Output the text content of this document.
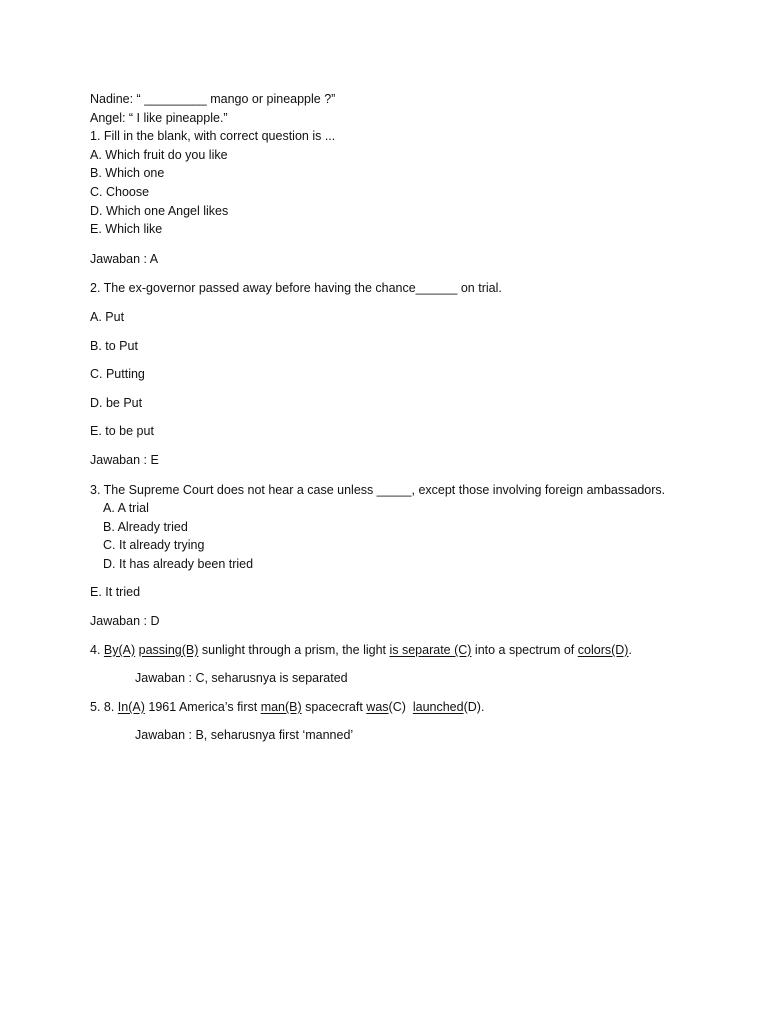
Nadine: “ _________ mango or pineapple ?”

Angel: “ I like pineapple.”

1. Fill in the blank, with correct question is ...

A. Which fruit do you like

B. Which one

C. Choose

D. Which one Angel likes

E. Which like

Jawaban : A

2. The ex-governor passed away before having the chance______ on trial.

A. Put

B. to Put

C. Putting

D. be Put

E. to be put

Jawaban : E

3. The Supreme Court does not hear a case unless _____, except those involving foreign ambassadors.

A. A trial

B. Already tried

C. It already trying

D. It has already been tried

E. It tried

Jawaban : D

4. By(A) passing(B) sunlight through a prism, the light is separate (C) into a spectrum of colors(D).

Jawaban : C, seharusnya is separated

5. 8. In(A) 1961 America’s first man(B) spacecraft was(C)  launched(D).

Jawaban : B, seharusnya first ‘manned’
